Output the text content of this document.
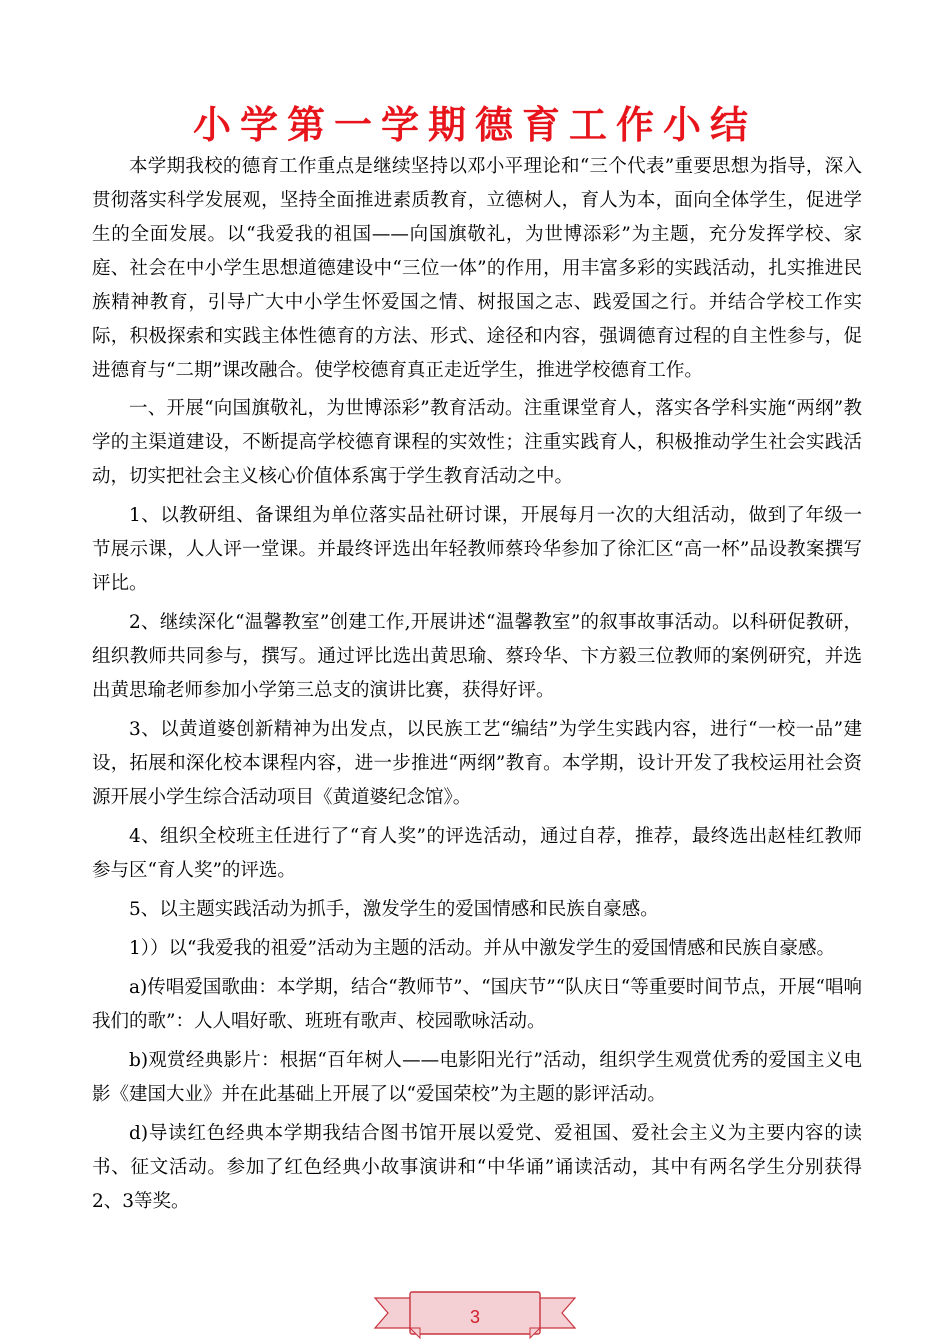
小学第一学期德育工作小结

本学期我校的德育工作重点是继续坚持以邓小平理论和“三个代表”重要思想为指导，深入贯彻落实科学发展观，坚持全面推进素质教育，立德树人，育人为本，面向全体学生，促进学生的全面发展。以“我爱我的祖国——向国旗敬礼，为世博添彩”为主题，充分发挥学校、家庭、社会在中小学生思想道德建设中“三位一体”的作用，用丰富多彩的实践活动，扎实推进民族精神教育，引导广大中小学生怀爱国之情、树报国之志、践爱国之行。并结合学校工作实际，积极探索和实践主体性德育的方法、形式、途径和内容，强调德育过程的自主性参与，促进德育与“二期”课改融合。使学校德育真正走近学生，推进学校德育工作。

一、开展“向国旗敬礼，为世博添彩”教育活动。注重课堂育人，落实各学科实施“两纲”教学的主渠道建设，不断提高学校德育课程的实效性；注重实践育人，积极推动学生社会实践活动，切实把社会主义核心价值体系寓于学生教育活动之中。

1、以教研组、备课组为单位落实品社研讨课，开展每月一次的大组活动，做到了年级一节展示课，人人评一堂课。并最终评选出年轻教师蔡玲华参加了徐汇区“高一杯”品设教案撰写评比。

2、继续深化“温馨教室”创建工作,开展讲述“温馨教室”的叙事故事活动。以科研促教研，组织教师共同参与，撰写。通过评比选出黄思瑜、蔡玲华、卞方毅三位教师的案例研究，并选出黄思瑜老师参加小学第三总支的演讲比赛，获得好评。

3、以黄道婆创新精神为出发点，以民族工艺“编结”为学生实践内容，进行“一校一品”建设，拓展和深化校本课程内容，进一步推进“两纲”教育。本学期，设计开发了我校运用社会资源开展小学生综合活动项目《黄道婆纪念馆》。

4、组织全校班主任进行了“育人奖”的评选活动，通过自荐，推荐，最终选出赵桂红教师参与区“育人奖”的评选。

5、以主题实践活动为抓手，激发学生的爱国情感和民族自豪感。

1））以“我爱我的祖爱”活动为主题的活动。并从中激发学生的爱国情感和民族自豪感。

a)传唱爱国歌曲：本学期，结合“教师节”、“国庆节”“队庆日“等重要时间节点，开展“唱响我们的歌”：人人唱好歌、班班有歌声、校园歌咏活动。

b)观赏经典影片：根据“百年树人——电影阳光行”活动，组织学生观赏优秀的爱国主义电影《建国大业》并在此基础上开展了以“爱国荣校”为主题的影评活动。

d)导读红色经典本学期我结合图书馆开展以爱党、爱祖国、爱社会主义为主要内容的读书、征文活动。参加了红色经典小故事演讲和“中华诵”诵读活动，其中有两名学生分别获得2、3等奖。

3
